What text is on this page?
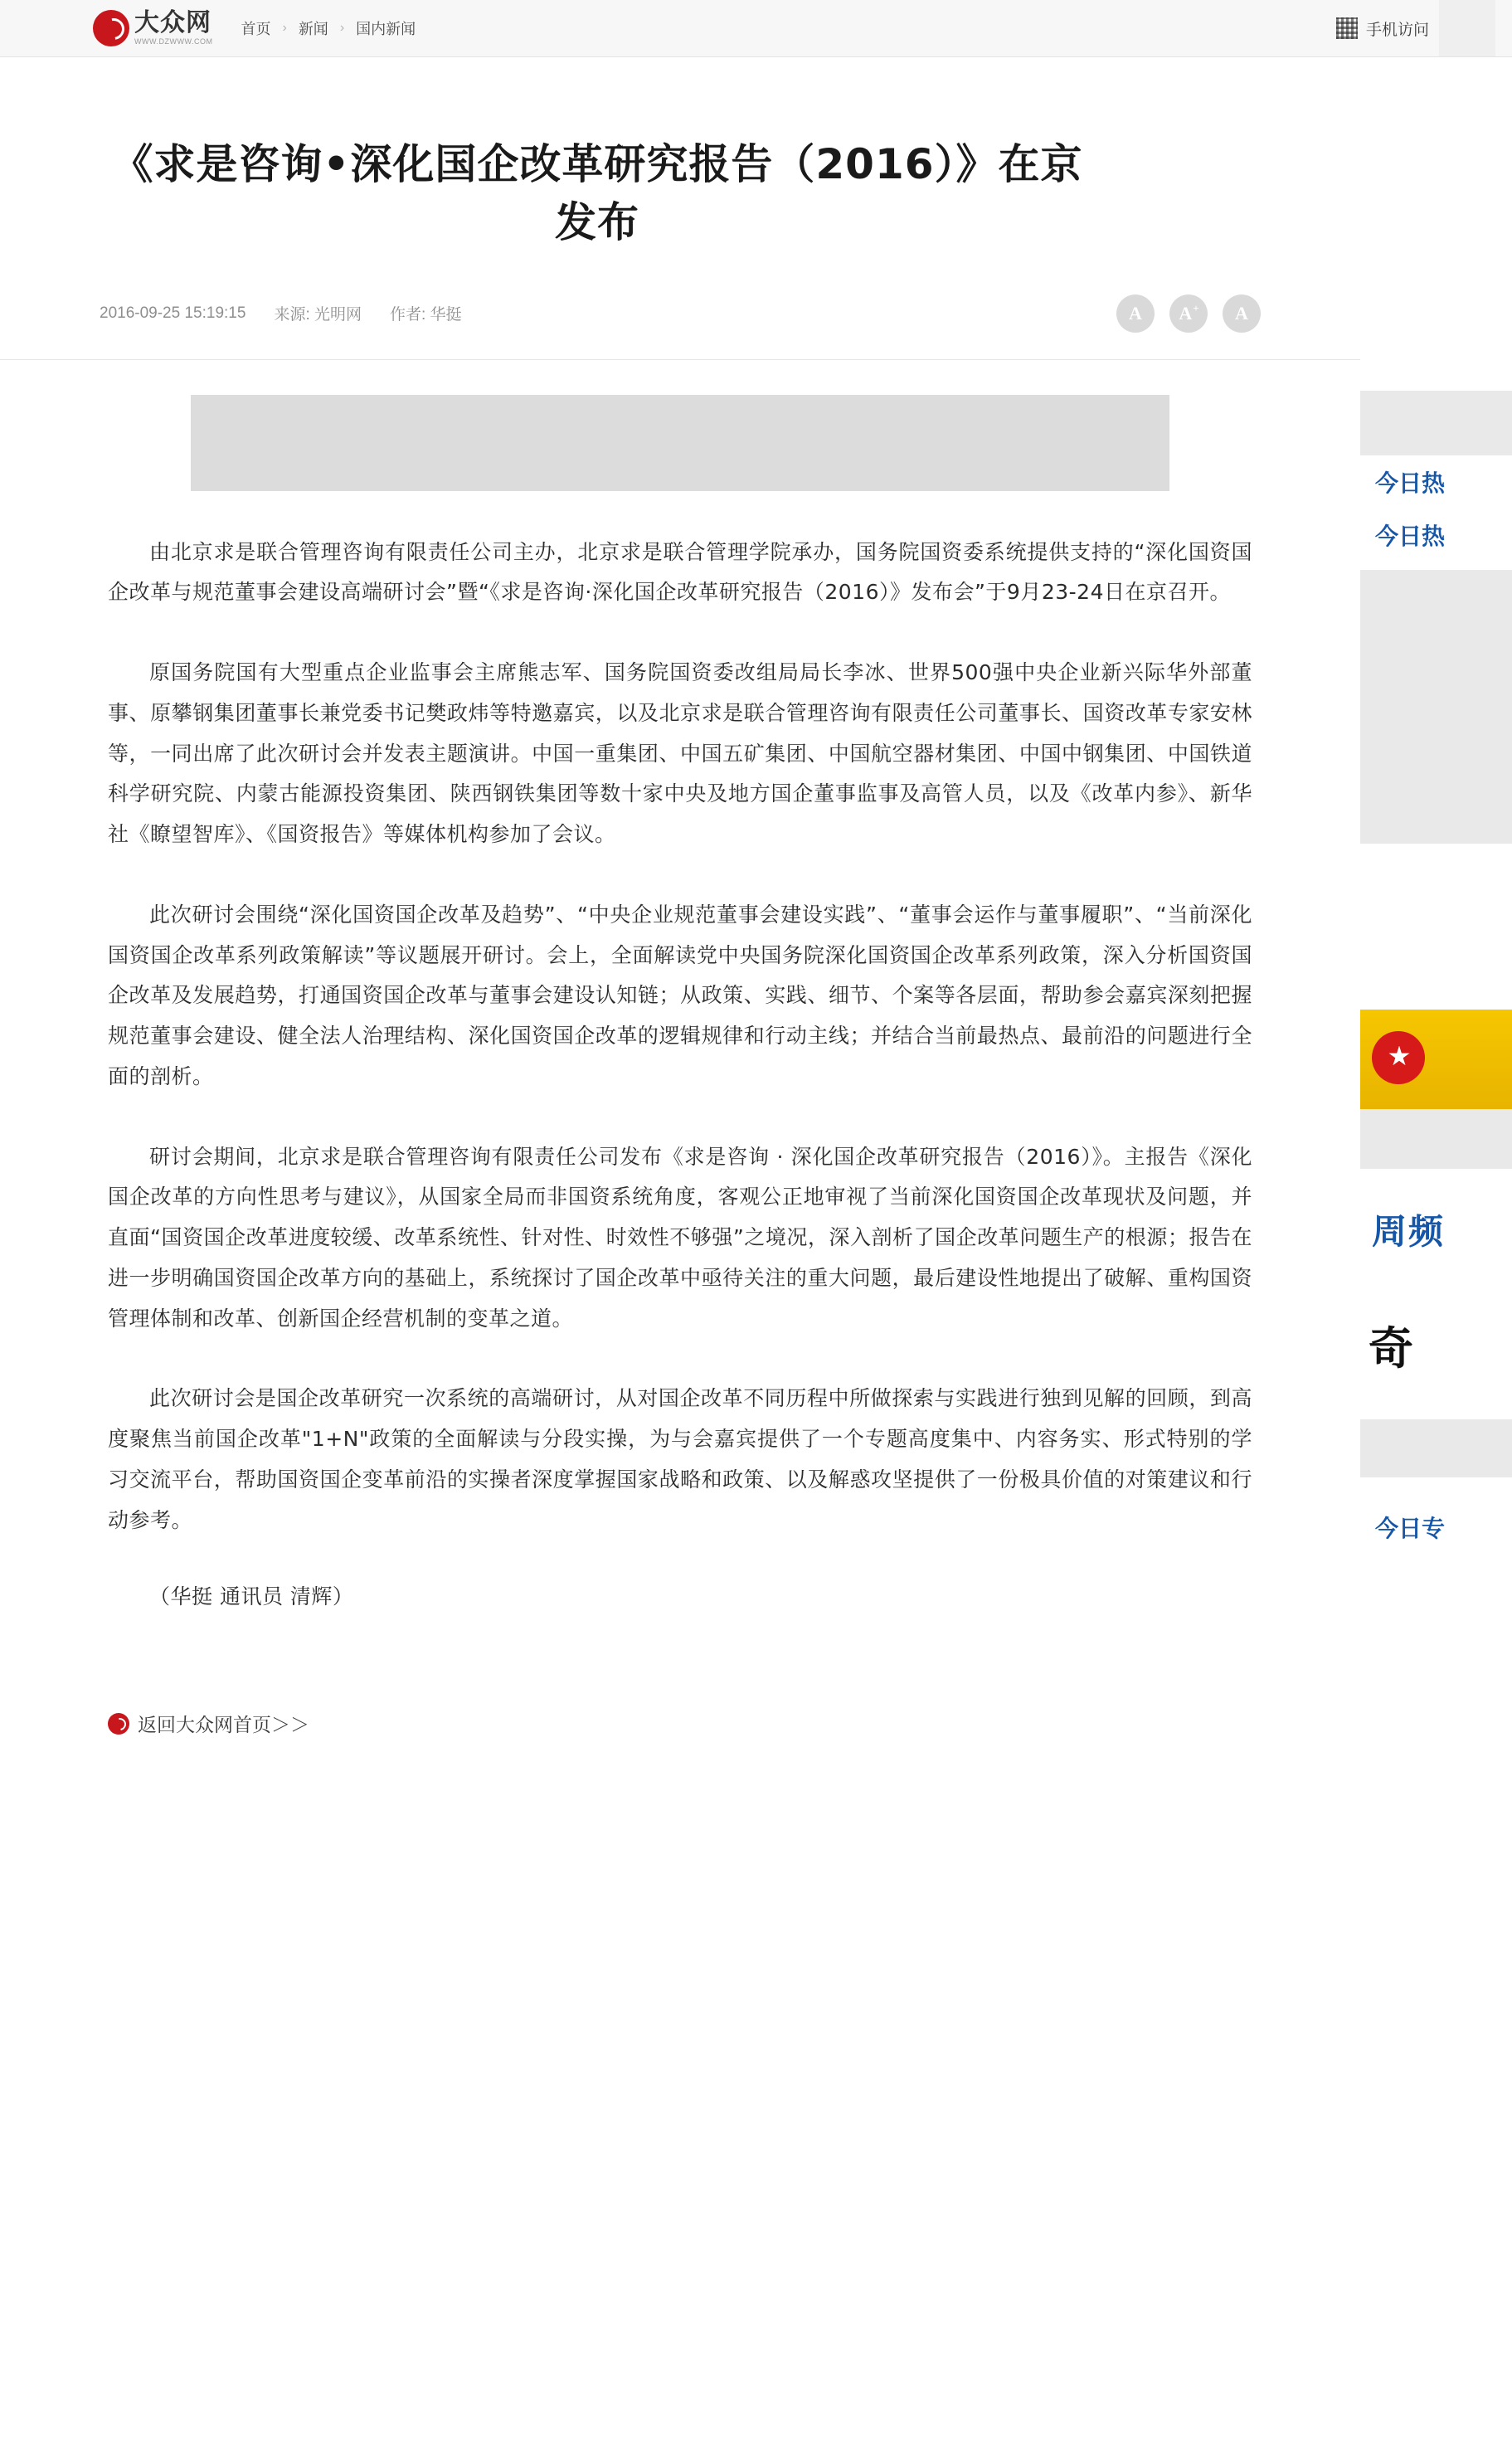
大众网
WWW.DZWWW.COM
首页 › 新闻 › 国内新闻	手机访问
《求是咨询•深化国企改革研究报告（2016）》在京发布
2016-09-25 15:19:15 来源: 光明网 作者: 华挺	A A + A

由北京求是联合管理咨询有限责任公司主办，北京求是联合管理学院承办，国务院国资委系统提供支持的“深化国资国企改革与规范董事会建设高端研讨会”暨“《求是咨询·深化国企改革研究报告（2016）》发布会”于9月23-24日在京召开。

原国务院国有大型重点企业监事会主席熊志军、国务院国资委改组局局长李冰、世界500强中央企业新兴际华外部董事、原攀钢集团董事长兼党委书记樊政炜等特邀嘉宾，以及北京求是联合管理咨询有限责任公司董事长、国资改革专家安林等，一同出席了此次研讨会并发表主题演讲。中国一重集团、中国五矿集团、中国航空器材集团、中国中钢集团、中国铁道科学研究院、内蒙古能源投资集团、陕西钢铁集团等数十家中央及地方国企董事监事及高管人员，以及《改革内参》、新华社《瞭望智库》、《国资报告》等媒体机构参加了会议。

此次研讨会围绕“深化国资国企改革及趋势”、“中央企业规范董事会建设实践”、“董事会运作与董事履职”、“当前深化国资国企改革系列政策解读”等议题展开研讨。会上，全面解读党中央国务院深化国资国企改革系列政策，深入分析国资国企改革及发展趋势，打通国资国企改革与董事会建设认知链；从政策、实践、细节、个案等各层面，帮助参会嘉宾深刻把握规范董事会建设、健全法人治理结构、深化国资国企改革的逻辑规律和行动主线；并结合当前最热点、最前沿的问题进行全面的剖析。

研讨会期间，北京求是联合管理咨询有限责任公司发布《求是咨询 · 深化国企改革研究报告（2016）》。主报告《深化国企改革的方向性思考与建议》，从国家全局而非国资系统角度，客观公正地审视了当前深化国资国企改革现状及问题，并直面“国资国企改革进度较缓、改革系统性、针对性、时效性不够强”之境况，深入剖析了国企改革问题生产的根源；报告在进一步明确国资国企改革方向的基础上，系统探讨了国企改革中亟待关注的重大问题，最后建设性地提出了破解、重构国资管理体制和改革、创新国企经营机制的变革之道。

此次研讨会是国企改革研究一次系统的高端研讨，从对国企改革不同历程中所做探索与实践进行独到见解的回顾，到高度聚焦当前国企改革"1+N"政策的全面解读与分段实操，为与会嘉宾提供了一个专题高度集中、内容务实、形式特别的学习交流平台，帮助国资国企变革前沿的实操者深度掌握国家战略和政策、以及解惑攻坚提供了一份极具价值的对策建议和行动参考。

（华挺 通讯员 清辉）

返回大众网首页＞＞
今日热
今日热
周频
奇
今日专
